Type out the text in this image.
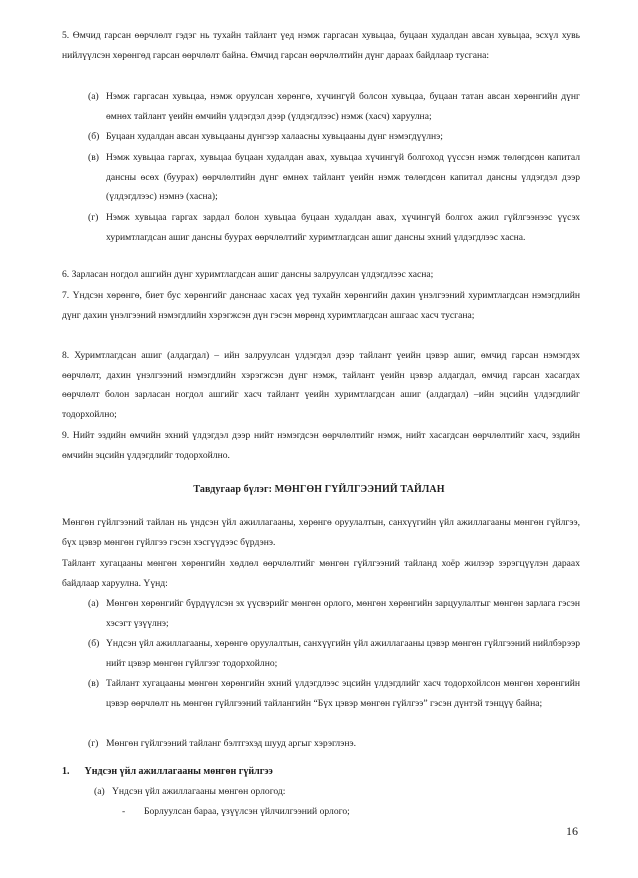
5. Өмчид гарсан өөрчлөлт гэдэг нь тухайн тайлант үед нэмж гаргасан хувьцаа, буцаан худалдан авсан хувьцаа, эсхүл хувь нийлүүлсэн хөрөнгөд гарсан өөрчлөлт байна. Өмчид гарсан өөрчлөлтийн дүнг дараах байдлаар тусгана:
(а) Нэмж гаргасан хувьцаа, нэмж оруулсан хөрөнгө, хүчингүй болсон хувьцаа, буцаан татан авсан хөрөнгийн дүнг өмнөх тайлант үеийн өмчийн үлдэгдэл дээр (үлдэгдлээс) нэмж (хасч) харуулна;
(б) Буцаан худалдан авсан хувьцааны дүнгээр халаасны хувьцааны дүнг нэмэгдүүлнэ;
(в) Нэмж хувьцаа гаргах, хувьцаа буцаан худалдан авах, хувьцаа хүчингүй болгоход үүссэн нэмж төлөгдсөн капитал дансны өсөх (буурах) өөрчлөлтийн дүнг өмнөх тайлант үеийн нэмж төлөгдсөн капитал дансны үлдэгдэл дээр (үлдэгдлээс) нэмнэ (хасна);
(г) Нэмж хувьцаа гаргах зардал болон хувьцаа буцаан худалдан авах, хүчингүй болгох ажил гүйлгээнээс үүсэх хуримтлагдсан ашиг дансны буурах өөрчлөлтийг хуримтлагдсан ашиг дансны эхний үлдэгдлээс хасна.
6. Зарласан ногдол ашгийн дүнг хуримтлагдсан ашиг дансны залруулсан үлдэгдлээс хасна;
7. Үндсэн хөрөнгө, биет бус хөрөнгийг данснаас хасах үед тухайн хөрөнгийн дахин үнэлгээний хуримтлагдсан нэмэгдлийн дүнг дахин үнэлгээний нэмэгдлийн хэрэгжсэн дүн гэсэн мөрөнд хуримтлагдсан ашгаас хасч тусгана;
8. Хуримтлагдсан ашиг (алдагдал) – ийн залруулсан үлдэгдэл дээр тайлант үеийн цэвэр ашиг, өмчид гарсан нэмэгдэх өөрчлөлт, дахин үнэлгээний нэмэгдлийн хэрэгжсэн дүнг нэмж, тайлант үеийн цэвэр алдагдал, өмчид гарсан хасагдах өөрчлөлт болон зарласан ногдол ашгийг хасч тайлант үеийн хуримтлагдсан ашиг (алдагдал) –ийн эцсийн үлдэгдлийг тодорхойлно;
9. Нийт эздийн өмчийн эхний үлдэгдэл дээр нийт нэмэгдсэн өөрчлөлтийг нэмж, нийт хасагдсан өөрчлөлтийг хасч, эздийн өмчийн эцсийн үлдэгдлийг тодорхойлно.
Тавдугаар бүлэг: МӨНГӨН ГҮЙЛГЭЭНИЙ ТАЙЛАН
Мөнгөн гүйлгээний тайлан нь үндсэн үйл ажиллагааны, хөрөнгө оруулалтын, санхүүгийн үйл ажиллагааны мөнгөн гүйлгээ, бүх цэвэр мөнгөн гүйлгээ гэсэн хэсгүүдээс бүрдэнэ.
Тайлант хугацааны мөнгөн хөрөнгийн хөдлөл өөрчлөлтийг мөнгөн гүйлгээний тайланд хоёр жилээр зэрэгцүүлэн дараах байдлаар харуулна. Үүнд:
(а) Мөнгөн хөрөнгийг бүрдүүлсэн эх үүсвэрийг мөнгөн орлого, мөнгөн хөрөнгийн зарцуулалтыг мөнгөн зарлага гэсэн хэсэгт үзүүлнэ;
(б) Үндсэн үйл ажиллагааны, хөрөнгө оруулалтын, санхүүгийн үйл ажиллагааны цэвэр мөнгөн гүйлгээний нийлбэрээр нийт цэвэр мөнгөн гүйлгээг тодорхойлно;
(в) Тайлант хугацааны мөнгөн хөрөнгийн эхний үлдэгдлээс эцсийн үлдэгдлийг хасч тодорхойлсон мөнгөн хөрөнгийн цэвэр өөрчлөлт нь мөнгөн гүйлгээний тайлангийн “Бүх цэвэр мөнгөн гүйлгээ” гэсэн дүнтэй тэнцүү байна;
(г) Мөнгөн гүйлгээний тайланг бэлтгэхэд шууд аргыг хэрэглэнэ.
1. Үндсэн үйл ажиллагааны мөнгөн гүйлгээ
(а) Үндсэн үйл ажиллагааны мөнгөн орлогод:
- Борлуулсан бараа, үзүүлсэн үйлчилгээний орлого;
16
